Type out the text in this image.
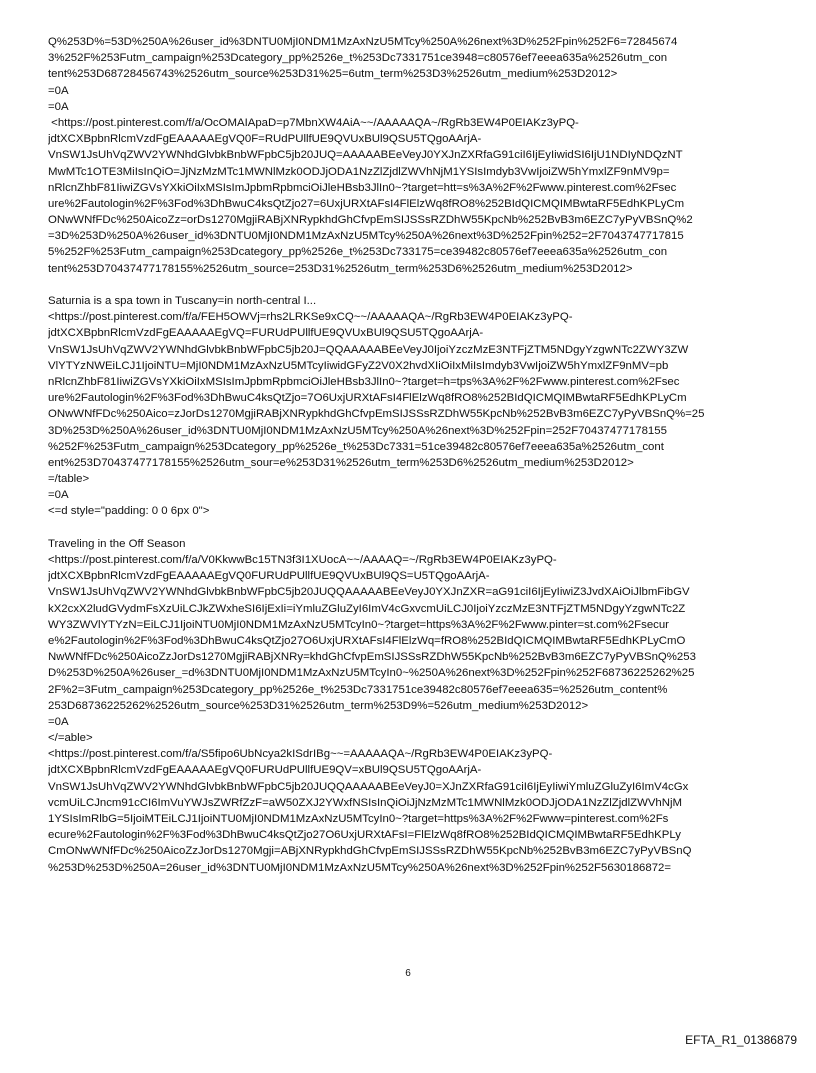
Q%253D%=53D%250A%26user_id%3DNTU0MjI0NDM1MzAxNzU5MTcy%250A%26next%3D%252Fpin%252F6=72845674
3%252F%253Futm_campaign%253Dcategory_pp%2526e_t%253Dc7331751ce3948=c80576ef7eeea635a%2526utm_con
tent%253D68728456743%2526utm_source%253D31%25=6utm_term%253D3%2526utm_medium%253D2012>
=0A
=0A
<https://post.pinterest.com/f/a/OcOMAIApaD=p7MbnXW4AiA~~/AAAAAQA~/RgRb3EW4P0EIAKz3yPQ-
jdtXCXBpbnRlcmVzdFgEAAAAAEgVQ0F=RUdPUllfUE9QVUxBUl9QSU5TQgoAArjA-
VnSW1JsUhVqZWV2YWNhdGlvbkBnbWFpbC5jb20JUQ=AAAAABEeVeyJ0YXJnZXRfaG91ciI6IjEyIiwidSI6IjU1NDIyNDQzNT
MwMTc1OTE3MiIsInQiO=JjNzMzMTc1MWNlMzk0ODJjODA1NzZlZjdlZWVhNjM1YSIsImdyb3VwIjoiZW5hYmxlZF9nMV9p=
nRlcnZhbF81IiwiZGVsYXkiOiIxMSIsImJpbmRpbmciOiJleHBsb3JlIn0~?target=htt=s%3A%2F%2Fwww.pinterest.com%2Fsec
ure%2Fautologin%2F%3Fod%3DhBwuC4ksQtZjo27=6UxjURXtAFsI4FlElzWq8fRO8%252BIdQICMQIMBwtaRF5EdhKPLyCm
ONwWNfFDc%250AicoZz=orDs1270MgjiRABjXNRypkhdGhCfvpEmSIJSSsRZDhW55KpcNb%252BvB3m6EZC7yPyVBSnQ%2
=3D%253D%250A%26user_id%3DNTU0MjI0NDM1MzAxNzU5MTcy%250A%26next%3D%252Fpin%252=2F7043747717815
5%252F%253Futm_campaign%253Dcategory_pp%2526e_t%253Dc733175=ce39482c80576ef7eeea635a%2526utm_con
tent%253D70437477178155%2526utm_source=253D31%2526utm_term%253D6%2526utm_medium%253D2012>
Saturnia is a spa town in Tuscany=in north-central I...
<https://post.pinterest.com/f/a/FEH5OWVj=rhs2LRKSe9xCQ~~/AAAAAQA~/RgRb3EW4P0EIAKz3yPQ-
jdtXCXBpbnRlcmVzdFgEAAAAAEgVQ=FURUdPUllfUE9QVUxBUl9QSU5TQgoAArjA-
VnSW1JsUhVqZWV2YWNhdGlvbkBnbWFpbC5jb20J=QQAAAAABEeVeyJ0IjoiYzczMzE3NTFjZTM5NDgyYzgwNTc2ZWY3ZW
VlYTYzNWEiLCJ1IjoiNTU=MjI0NDM1MzAxNzU5MTcyIiwidGFyZ2V0X2hvdXIiOiIxMiIsImdyb3VwIjoiZW5hYmxlZF9nMV=pb
nRlcnZhbF81IiwiZGVsYXkiOiIxMSIsImJpbmRpbmciOiJleHBsb3JlIn0~?target=h=tps%3A%2F%2Fwww.pinterest.com%2Fsec
ure%2Fautologin%2F%3Fod%3DhBwuC4ksQtZjo=7O6UxjURXtAFsI4FlElzWq8fRO8%252BIdQICMQIMBwtaRF5EdhKPLyCm
ONwWNfFDc%250Aico=zJorDs1270MgjiRABjXNRypkhdGhCfvpEmSIJSSsRZDhW55KpcNb%252BvB3m6EZC7yPyVBSnQ%=25
3D%253D%250A%26user_id%3DNTU0MjI0NDM1MzAxNzU5MTcy%250A%26next%3D%252Fpin=252F70437477178155
%252F%253Futm_campaign%253Dcategory_pp%2526e_t%253Dc7331=51ce39482c80576ef7eeea635a%2526utm_cont
ent%253D70437477178155%2526utm_sour=e%253D31%2526utm_term%253D6%2526utm_medium%253D2012>
=/table>
=0A
<=d style="padding: 0 0 6px 0">
Traveling in the Off Season
<https://post.pinterest.com/f/a/V0KkwwBc15TN3f3I1XUocA~~/AAAAQ=~/RgRb3EW4P0EIAKz3yPQ-
jdtXCXBpbnRlcmVzdFgEAAAAAEgVQ0FURUdPUllfUE9QVUxBUl9QS=U5TQgoAArjA-
VnSW1JsUhVqZWV2YWNhdGlvbkBnbWFpbC5jb20JUQQAAAAABEeVeyJ0YXJnZXR=aG91ciI6IjEyIiwiZ3JvdXAiOiJlbmFibGV
kX2cxX2ludGVydmFsXzUiLCJkZWxheSI6IjExIi=iYmluZGluZyI6ImV4cGxvcmUiLCJ0IjoiYzczMzE3NTFjZTM5NDgyYzgwNTc2Z
WY3ZWVlYTYzN=EiLCJ1IjoiNTU0MjI0NDM1MzAxNzU5MTcyIn0~?target=https%3A%2F%2Fwww.pinter=st.com%2Fsecur
e%2Fautologin%2F%3Fod%3DhBwuC4ksQtZjo27O6UxjURXtAFsI4FlElzWq=fRO8%252BIdQICMQIMBwtaRF5EdhKPLyCmO
NwWNfFDc%250AicoZzJorDs1270MgjiRABjXNRy=khdGhCfvpEmSIJSSsRZDhW55KpcNb%252BvB3m6EZC7yPyVBSnQ%253
D%253D%250A%26user_=d%3DNTU0MjI0NDM1MzAxNzU5MTcyIn0~%250A%26next%3D%252Fpin%252F68736225262%25
2F%2=3Futm_campaign%253Dcategory_pp%2526e_t%253Dc7331751ce39482c80576ef7eeea635=%2526utm_content%
253D68736225262%2526utm_source%253D31%2526utm_term%253D9%=526utm_medium%253D2012>
=0A
</=able>
<https://post.pinterest.com/f/a/S5fipo6UbNcya2kISdrIBg~~=AAAAAQA~/RgRb3EW4P0EIAKz3yPQ-
jdtXCXBpbnRlcmVzdFgEAAAAAEgVQ0FURUdPUllfUE9QV=xBUl9QSU5TQgoAArjA-
VnSW1JsUhVqZWV2YWNhdGlvbkBnbWFpbC5jb20JUQQAAAAABEeVeyJ0=XJnZXRfaG91ciI6IjEyIiwiYmluZGluZyI6ImV4cGx
vcmUiLCJncm91cCI6ImVuYWJsZWRfZzF=aW50ZXJ2YWxfNSIsInQiOiJjNzMzMTc1MWNlMzk0ODJjODA1NzZlZjdlZWVhNjM
1YSIsImRlbG=5IjoiMTEiLCJ1IjoiNTU0MjI0NDM1MzAxNzU5MTcyIn0~?target=https%3A%2F%2Fwww=pinterest.com%2Fs
ecure%2Fautologin%2F%3Fod%3DhBwuC4ksQtZjo27O6UxjURXtAFsI=FlElzWq8fRO8%252BIdQICMQIMBwtaRF5EdhKPLy
CmONwWNfFDc%250AicoZzJorDs1270Mgji=ABjXNRypkhdGhCfvpEmSIJSSsRZDhW55KpcNb%252BvB3m6EZC7yPyVBSnQ
%253D%253D%250A=26user_id%3DNTU0MjI0NDM1MzAxNzU5MTcy%250A%26next%3D%252Fpin%252F5630186872=
6
EFTA_R1_01386879
